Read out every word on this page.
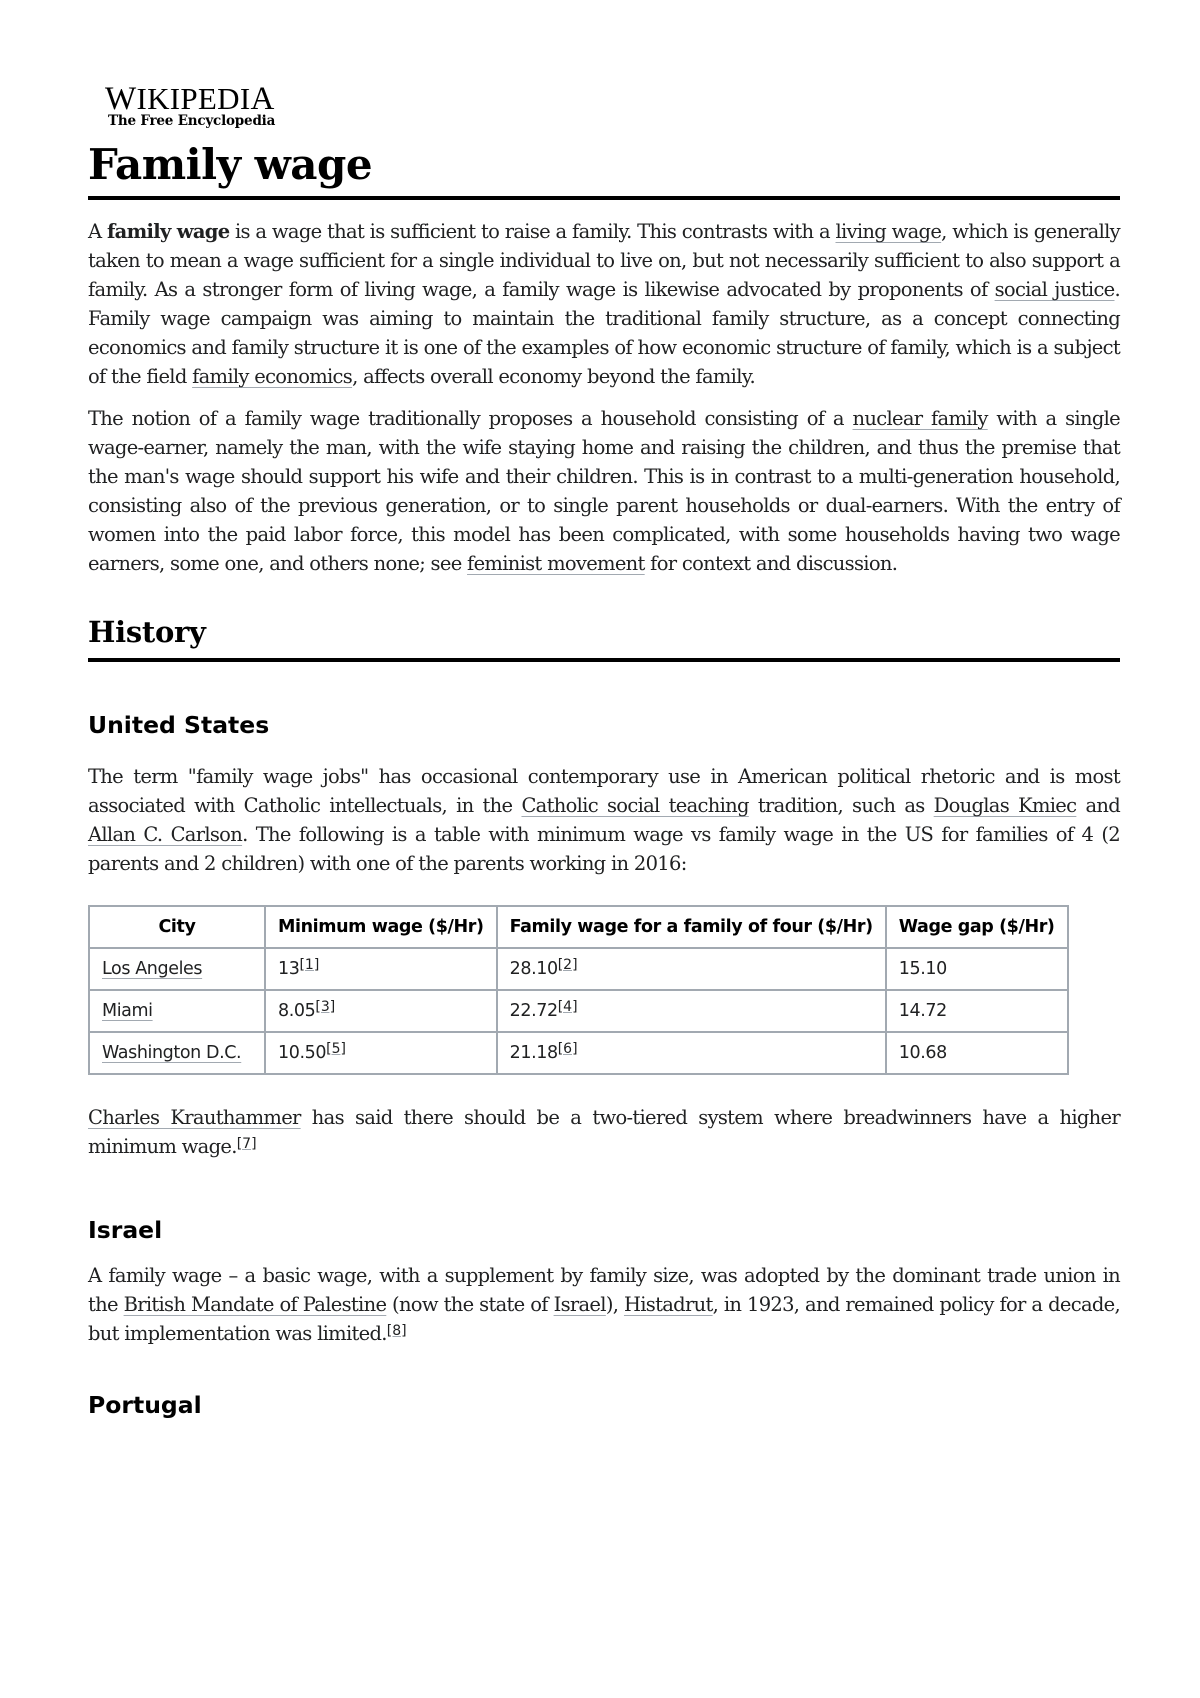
WIKIPEDIA
The Free Encyclopedia
Family wage

A family wage is a wage that is sufficient to raise a family. This contrasts with a living wage, which is generally taken to mean a wage sufficient for a single individual to live on, but not necessarily sufficient to also support a family. As a stronger form of living wage, a family wage is likewise advocated by proponents of social justice. Family wage campaign was aiming to maintain the traditional family structure, as a concept connecting economics and family structure it is one of the examples of how economic structure of family, which is a subject of the field family economics, affects overall economy beyond the family.

The notion of a family wage traditionally proposes a household consisting of a nuclear family with a single wage-earner, namely the man, with the wife staying home and raising the children, and thus the premise that the man's wage should support his wife and their children. This is in contrast to a multi-generation household, consisting also of the previous generation, or to single parent households or dual-earners. With the entry of women into the paid labor force, this model has been complicated, with some households having two wage earners, some one, and others none; see feminist movement for context and discussion.

History
United States

The term "family wage jobs" has occasional contemporary use in American political rhetoric and is most associated with Catholic intellectuals, in the Catholic social teaching tradition, such as Douglas Kmiec and Allan C. Carlson. The following is a table with minimum wage vs family wage in the US for families of 4 (2 parents and 2 children) with one of the parents working in 2016:

City	Minimum wage ($/Hr)	Family wage for a family of four ($/Hr)	Wage gap ($/Hr)
Los Angeles	13[1]	28.10[2]	15.10
Miami	8.05[3]	22.72[4]	14.72
Washington D.C.	10.50[5]	21.18[6]	10.68

Charles Krauthammer has said there should be a two-tiered system where breadwinners have a higher minimum wage.[7]

Israel

A family wage – a basic wage, with a supplement by family size, was adopted by the dominant trade union in the British Mandate of Palestine (now the state of Israel), Histadrut, in 1923, and remained policy for a decade, but implementation was limited.[8]

Portugal
